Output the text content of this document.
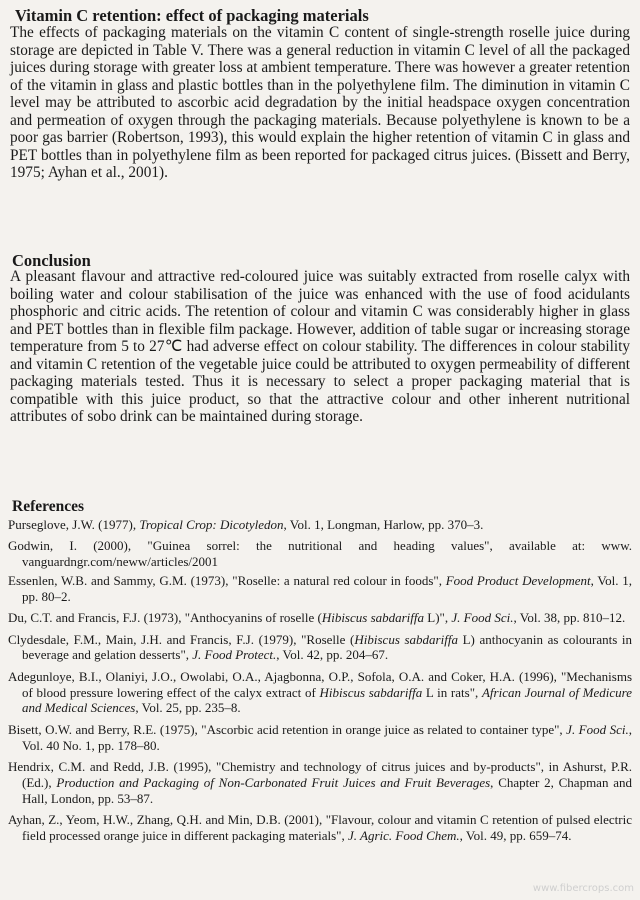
Vitamin C retention: effect of packaging materials

The effects of packaging materials on the vitamin C content of single-strength roselle juice during storage are depicted in Table V. There was a general reduction in vitamin C level of all the packaged juices during storage with greater loss at ambient temperature. There was however a greater retention of the vitamin in glass and plastic bottles than in the polyethylene film. The diminution in vitamin C level may be attributed to ascorbic acid degradation by the initial headspace oxygen concentration and permeation of oxygen through the packaging materials. Because polyethylene is known to be a poor gas barrier (Robertson, 1993), this would explain the higher retention of vitamin C in glass and PET bottles than in polyethylene film as been reported for packaged citrus juices. (Bissett and Berry, 1975; Ayhan et al., 2001).

Conclusion

A pleasant flavour and attractive red-coloured juice was suitably extracted from roselle calyx with boiling water and colour stabilisation of the juice was enhanced with the use of food acidulants phosphoric and citric acids. The retention of colour and vitamin C was considerably higher in glass and PET bottles than in flexible film package. However, addition of table sugar or increasing storage temperature from 5 to 27℃ had adverse effect on colour stability. The differences in colour stability and vitamin C retention of the vegetable juice could be attributed to oxygen permeability of different packaging materials tested. Thus it is necessary to select a proper packaging material that is compatible with this juice product, so that the attractive colour and other inherent nutritional attributes of sobo drink can be maintained during storage.

References
Purseglove, J.W. (1977), Tropical Crop: Dicotyledon, Vol. 1, Longman, Harlow, pp. 370–3.
Godwin, I. (2000), "Guinea sorrel: the nutritional and heading values", available at: www. vanguardngr.com/neww/articles/2001
Essenlen, W.B. and Sammy, G.M. (1973), "Roselle: a natural red colour in foods", Food Product Development, Vol. 1, pp. 80–2.
Du, C.T. and Francis, F.J. (1973), "Anthocyanins of roselle (Hibiscus sabdariffa L)", J. Food Sci., Vol. 38, pp. 810–12.
Clydesdale, F.M., Main, J.H. and Francis, F.J. (1979), "Roselle (Hibiscus sabdariffa L) anthocyanin as colourants in beverage and gelation desserts", J. Food Protect., Vol. 42, pp. 204–67.
Adegunloye, B.I., Olaniyi, J.O., Owolabi, O.A., Ajagbonna, O.P., Sofola, O.A. and Coker, H.A. (1996), "Mechanisms of blood pressure lowering effect of the calyx extract of Hibiscus sabdariffa L in rats", African Journal of Medicure and Medical Sciences, Vol. 25, pp. 235–8.
Bisett, O.W. and Berry, R.E. (1975), "Ascorbic acid retention in orange juice as related to container type", J. Food Sci., Vol. 40 No. 1, pp. 178–80.
Hendrix, C.M. and Redd, J.B. (1995), "Chemistry and technology of citrus juices and by-products", in Ashurst, P.R. (Ed.), Production and Packaging of Non-Carbonated Fruit Juices and Fruit Beverages, Chapter 2, Chapman and Hall, London, pp. 53–87.
Ayhan, Z., Yeom, H.W., Zhang, Q.H. and Min, D.B. (2001), "Flavour, colour and vitamin C retention of pulsed electric field processed orange juice in different packaging materials", J. Agric. Food Chem., Vol. 49, pp. 659–74.
www.fibercrops.com
